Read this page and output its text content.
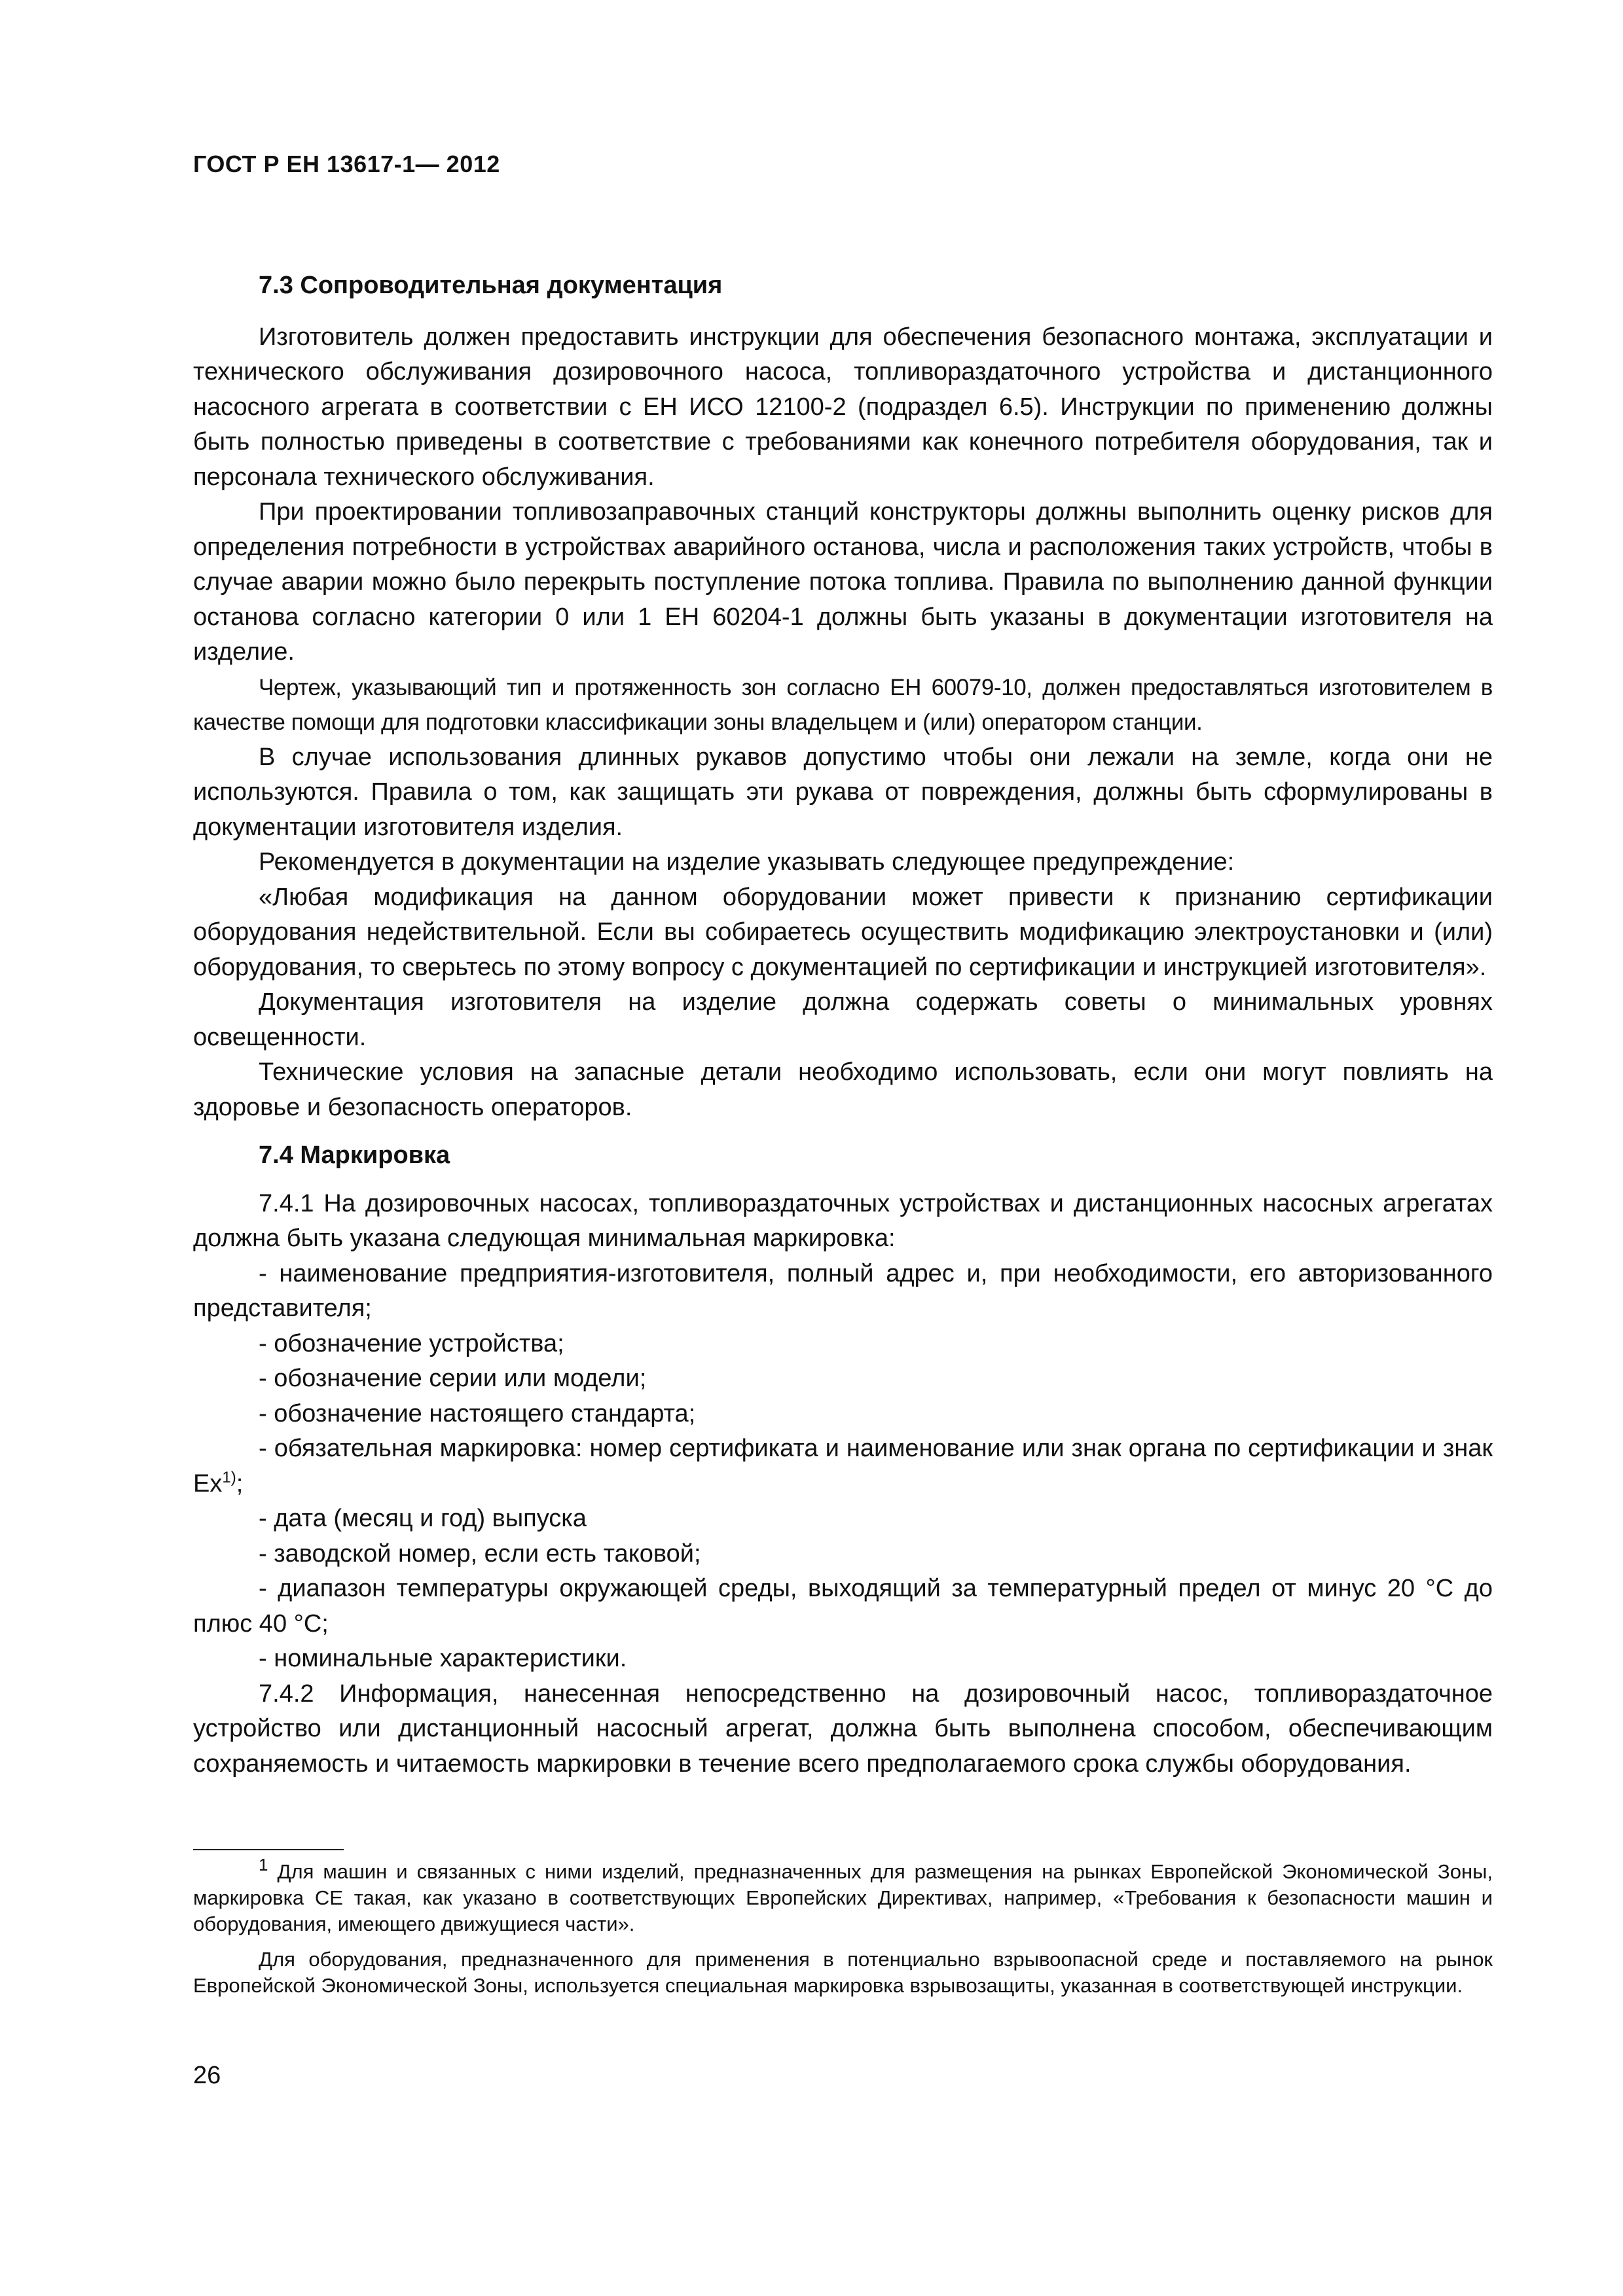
ГОСТ Р ЕН 13617-1— 2012
7.3 Сопроводительная документация

Изготовитель должен предоставить инструкции для обеспечения безопасного монтажа, эксплуатации и технического обслуживания дозировочного насоса, топливораздаточного устройства и дистанционного насосного агрегата в соответствии с ЕН ИСО 12100-2 (подраздел 6.5). Инструкции по применению должны быть полностью приведены в соответствие с требованиями как конечного потребителя оборудования, так и персонала технического обслуживания.

При проектировании топливозаправочных станций конструкторы должны выполнить оценку рисков для определения потребности в устройствах аварийного останова, числа и расположения таких устройств, чтобы в случае аварии можно было перекрыть поступление потока топлива. Правила по выполнению данной функции останова согласно категории 0 или 1 ЕН 60204-1 должны быть указаны в документации изготовителя на изделие.

Чертеж, указывающий тип и протяженность зон согласно ЕН 60079-10, должен предоставляться изготовителем в качестве помощи для подготовки классификации зоны владельцем и (или) оператором станции.

В случае использования длинных рукавов допустимо чтобы они лежали на земле, когда они не используются. Правила о том, как защищать эти рукава от повреждения, должны быть сформулированы в документации изготовителя изделия.

Рекомендуется в документации на изделие указывать следующее предупреждение:

«Любая модификация на данном оборудовании может привести к признанию сертификации оборудования недействительной. Если вы собираетесь осуществить модификацию электроустановки и (или) оборудования, то сверьтесь по этому вопросу с документацией по сертификации и инструкцией изготовителя».

Документация изготовителя на изделие должна содержать советы о минимальных уровнях освещенности.

Технические условия на запасные детали необходимо использовать, если они могут повлиять на здоровье и безопасность операторов.

7.4 Маркировка

7.4.1 На дозировочных насосах, топливораздаточных устройствах и дистанционных насосных агрегатах должна быть указана следующая минимальная маркировка:

- наименование предприятия-изготовителя, полный адрес и, при необходимости, его авторизованного представителя;

- обозначение устройства;

- обозначение серии или модели;

- обозначение настоящего стандарта;

- обязательная маркировка: номер сертификата и наименование или знак органа по сертификации и знак Ex$^{1)}$;

- дата (месяц и год) выпуска

- заводской номер, если есть таковой;

- диапазон температуры окружающей среды, выходящий за температурный предел от минус 20 °C до плюс 40 °C;

- номинальные характеристики.

7.4.2 Информация, нанесенная непосредственно на дозировочный насос, топливораздаточное устройство или дистанционный насосный агрегат, должна быть выполнена способом, обеспечивающим сохраняемость и читаемость маркировки в течение всего предполагаемого срока службы оборудования.

$^1$ Для машин и связанных с ними изделий, предназначенных для размещения на рынках Европейской Экономической Зоны, маркировка CE такая, как указано в соответствующих Европейских Директивах, например, «Требования к безопасности машин и оборудования, имеющего движущиеся части».

Для оборудования, предназначенного для применения в потенциально взрывоопасной среде и поставляемого на рынок Европейской Экономической Зоны, используется специальная маркировка взрывозащиты, указанная в соответствующей инструкции.

26
